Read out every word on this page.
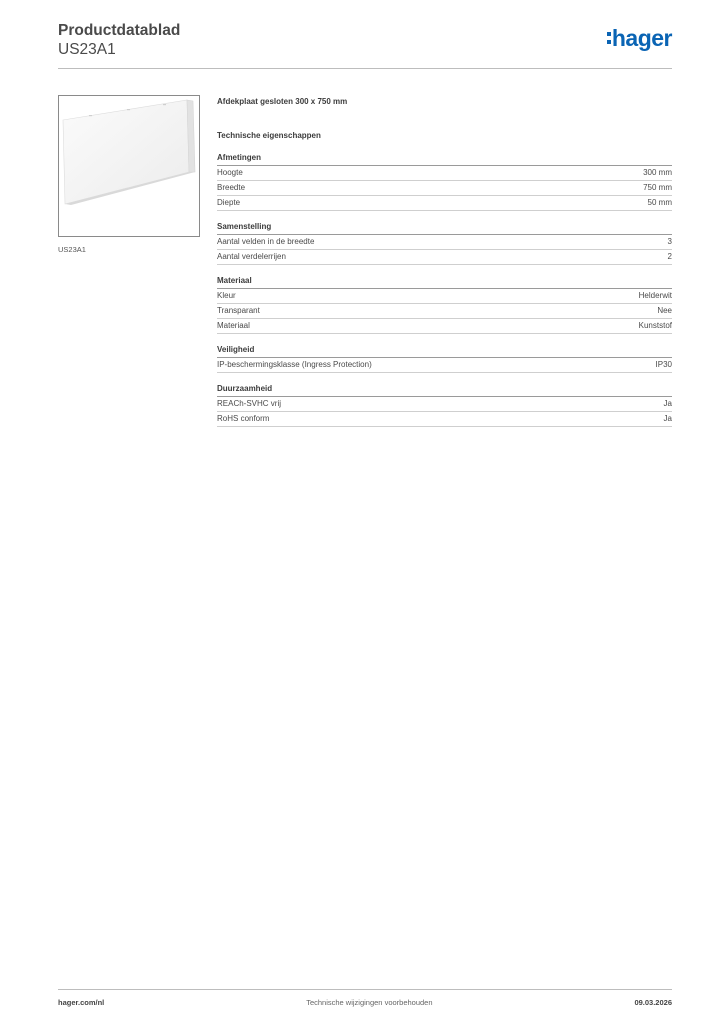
Productdatablad
US23A1	hager
US23A1
Afdekplaat gesloten 300 x 750 mm
Technische eigenschappen
Afmetingen
Hoogte	300 mm
Breedte	750 mm
Diepte	50 mm
Samenstelling
Aantal velden in de breedte	3
Aantal verdelerrijen	2
Materiaal
Kleur	Helderwit
Transparant	Nee
Materiaal	Kunststof
Veiligheid
IP-beschermingsklasse (Ingress Protection)	IP30
Duurzaamheid
REACh-SVHC vrij	Ja
RoHS conform	Ja
hager.com/nl	Technische wijzigingen voorbehouden	09.03.2026
